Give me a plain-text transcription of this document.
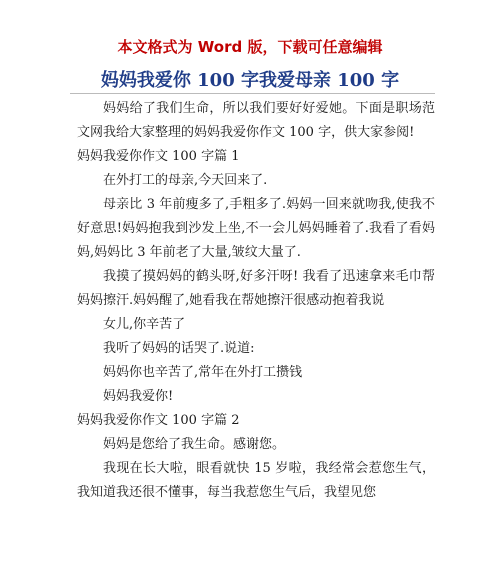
本文格式为 Word 版，下载可任意编辑
妈妈我爱你 100 字我爱母亲 100 字

妈妈给了我们生命，所以我们要好好爱她。下面是职场范文网我给大家整理的妈妈我爱你作文 100 字，供大家参阅!

妈妈我爱你作文 100 字篇 1

在外打工的母亲,今天回来了.

母亲比 3 年前瘦多了,手粗多了.妈妈一回来就吻我,使我不好意思!妈妈抱我到沙发上坐,不一会儿妈妈睡着了.我看了看妈妈,妈妈比 3 年前老了大量,皱纹大量了.

我摸了摸妈妈的鹤头呀,好多汗呀! 我看了迅速拿来毛巾帮妈妈擦汗.妈妈醒了,她看我在帮她擦汗很感动抱着我说

女儿,你辛苦了

我听了妈妈的话哭了.说道:

妈妈你也辛苦了,常年在外打工攒钱

妈妈我爱你!

妈妈我爱你作文 100 字篇 2

妈妈是您给了我生命。感谢您。

我现在长大啦，眼看就快 15 岁啦，我经常会惹您生气，我知道我还很不懂事，每当我惹您生气后，我望见您
